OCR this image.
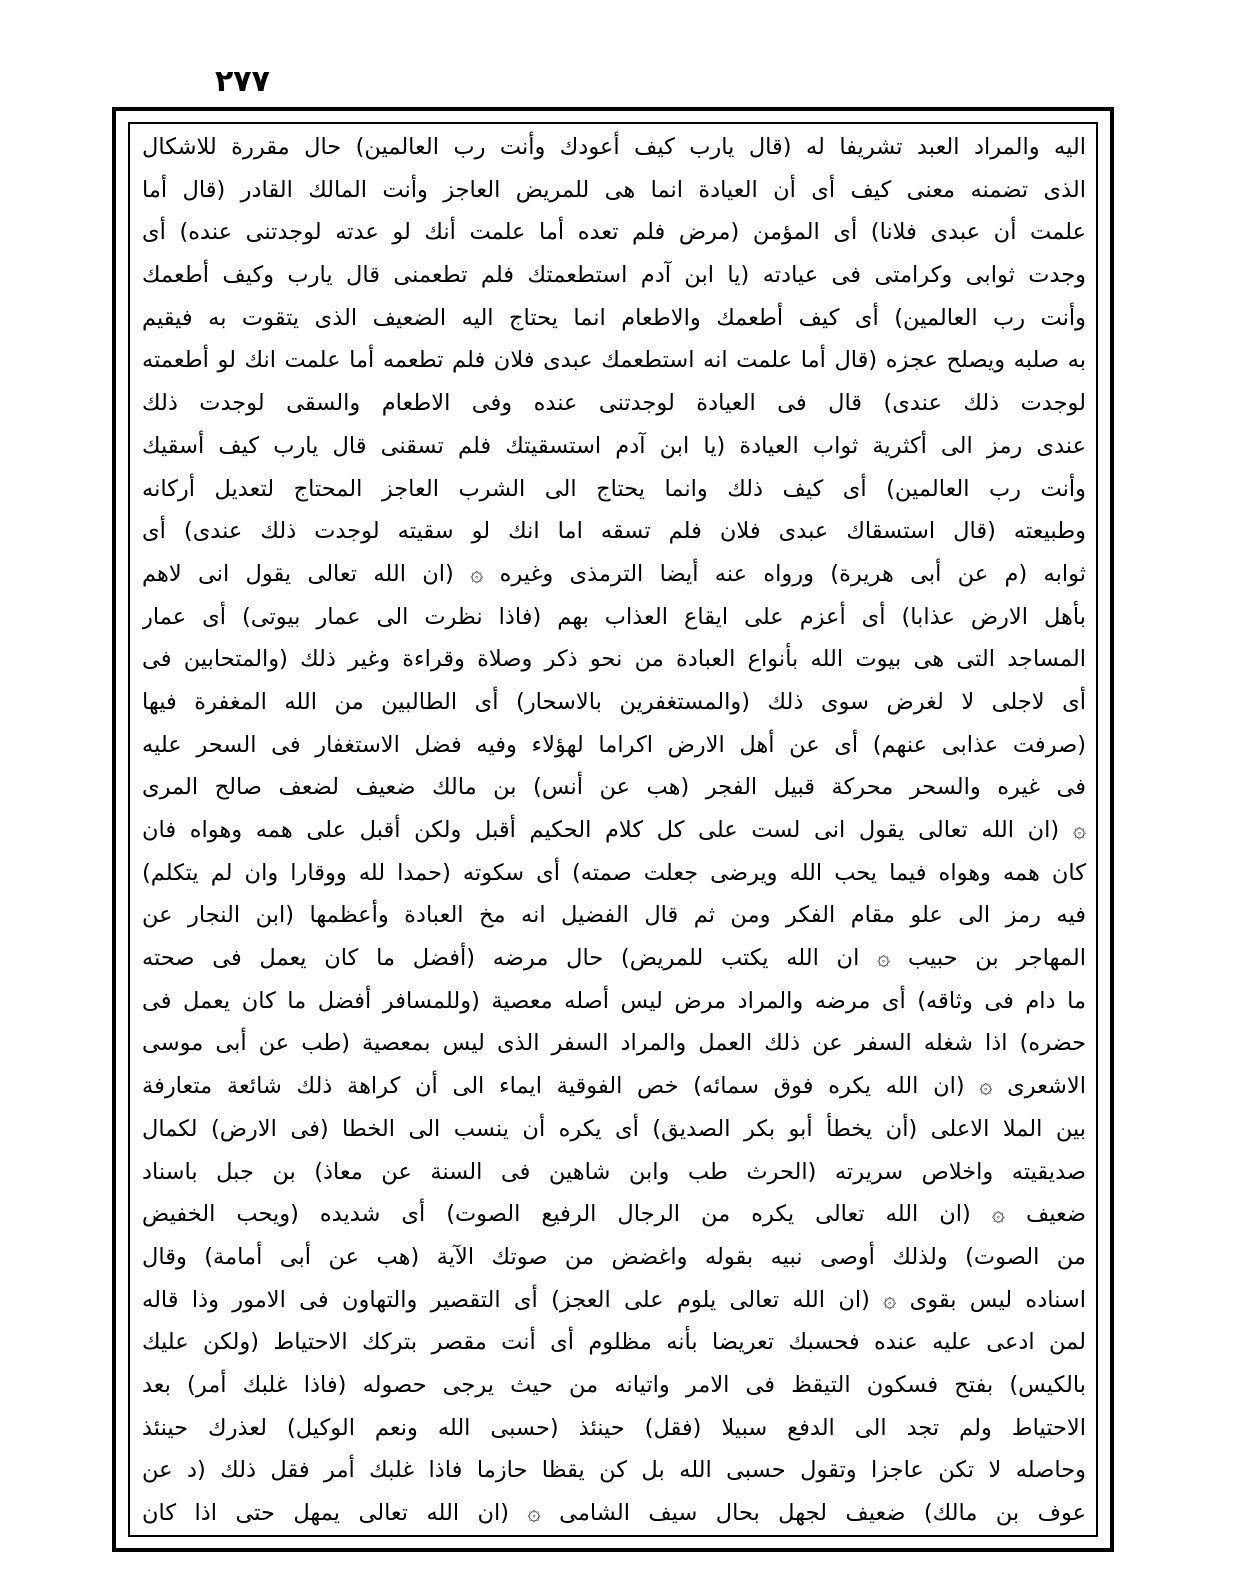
٢٧٧
اليه والمراد العبد تشريفا له (قال يارب كيف أعودك وأنت رب العالمين) حال مقررة للاشكال
الذى تضمنه معنى كيف أى أن العيادة انما هى للمريض العاجز وأنت المالك القادر (قال أما
علمت أن عبدى فلانا) أى المؤمن (مرض فلم تعده أما علمت أنك لو عدته لوجدتنى عنده) أى
وجدت ثوابى وكرامتى فى عيادته (يا ابن آدم استطعمتك فلم تطعمنى قال يارب وكيف أطعمك
وأنت رب العالمين) أى كيف أطعمك والاطعام انما يحتاج اليه الضعيف الذى يتقوت به فيقيم
به صلبه ويصلح عجزه (قال أما علمت انه استطعمك عبدى فلان فلم تطعمه أما علمت انك لو أطعمته
لوجدت ذلك عندى) قال فى العيادة لوجدتنى عنده وفى الاطعام والسقى لوجدت ذلك
عندى رمز الى أكثرية ثواب العيادة (يا ابن آدم استسقيتك فلم تسقنى قال يارب كيف أسقيك
وأنت رب العالمين) أى كيف ذلك وانما يحتاج الى الشرب العاجز المحتاج لتعديل أركانه
وطبيعته (قال استسقاك عبدى فلان فلم تسقه اما انك لو سقيته لوجدت ذلك عندى) أى
ثوابه (م عن أبى هريرة) ورواه عنه أيضا الترمذى وغيره ۞ (ان الله تعالى يقول انى لاهم
بأهل الارض عذابا) أى أعزم على ايقاع العذاب بهم (فاذا نظرت الى عمار بيوتى) أى عمار
المساجد التى هى بيوت الله بأنواع العبادة من نحو ذكر وصلاة وقراءة وغير ذلك (والمتحابين فى
أى لاجلى لا لغرض سوى ذلك (والمستغفرين بالاسحار) أى الطالبين من الله المغفرة فيها
(صرفت عذابى عنهم) أى عن أهل الارض اكراما لهؤلاء وفيه فضل الاستغفار فى السحر عليه
فى غيره والسحر محركة قبيل الفجر (هب عن أنس) بن مالك ضعيف لضعف صالح المرى
۞ (ان الله تعالى يقول انى لست على كل كلام الحكيم أقبل ولكن أقبل على همه وهواه فان
كان همه وهواه فيما يحب الله ويرضى جعلت صمته) أى سكوته (حمدا لله ووقارا وان لم يتكلم)
فيه رمز الى علو مقام الفكر ومن ثم قال الفضيل انه مخ العبادة وأعظمها (ابن النجار عن
المهاجر بن حبيب ۞ ان الله يكتب للمريض) حال مرضه (أفضل ما كان يعمل فى صحته
ما دام فى وثاقه) أى مرضه والمراد مرض ليس أصله معصية (وللمسافر أفضل ما كان يعمل فى
حضره) اذا شغله السفر عن ذلك العمل والمراد السفر الذى ليس بمعصية (طب عن أبى موسى
الاشعرى ۞ (ان الله يكره فوق سمائه) خص الفوقية ايماء الى أن كراهة ذلك شائعة متعارفة
بين الملا الاعلى (أن يخطأ أبو بكر الصديق) أى يكره أن ينسب الى الخطا (فى الارض) لكمال
صديقيته واخلاص سريرته (الحرث طب وابن شاهين فى السنة عن معاذ) بن جبل باسناد
ضعيف ۞ (ان الله تعالى يكره من الرجال الرفيع الصوت) أى شديده (ويحب الخفيض
من الصوت) ولذلك أوصى نبيه بقوله واغضض من صوتك الآية (هب عن أبى أمامة) وقال
اسناده ليس بقوى ۞ (ان الله تعالى يلوم على العجز) أى التقصير والتهاون فى الامور وذا قاله
لمن ادعى عليه عنده فحسبك تعريضا بأنه مظلوم أى أنت مقصر بتركك الاحتياط (ولكن عليك
بالكيس) بفتح فسكون التيقظ فى الامر واتيانه من حيث يرجى حصوله (فاذا غلبك أمر) بعد
الاحتياط ولم تجد الى الدفع سبيلا (فقل) حينئذ (حسبى الله ونعم الوكيل) لعذرك حينئذ
وحاصله لا تكن عاجزا وتقول حسبى الله بل كن يقظا حازما فاذا غلبك أمر فقل ذلك (د عن
عوف بن مالك) ضعيف لجهل بحال سيف الشامى ۞ (ان الله تعالى يمهل حتى اذا كان
